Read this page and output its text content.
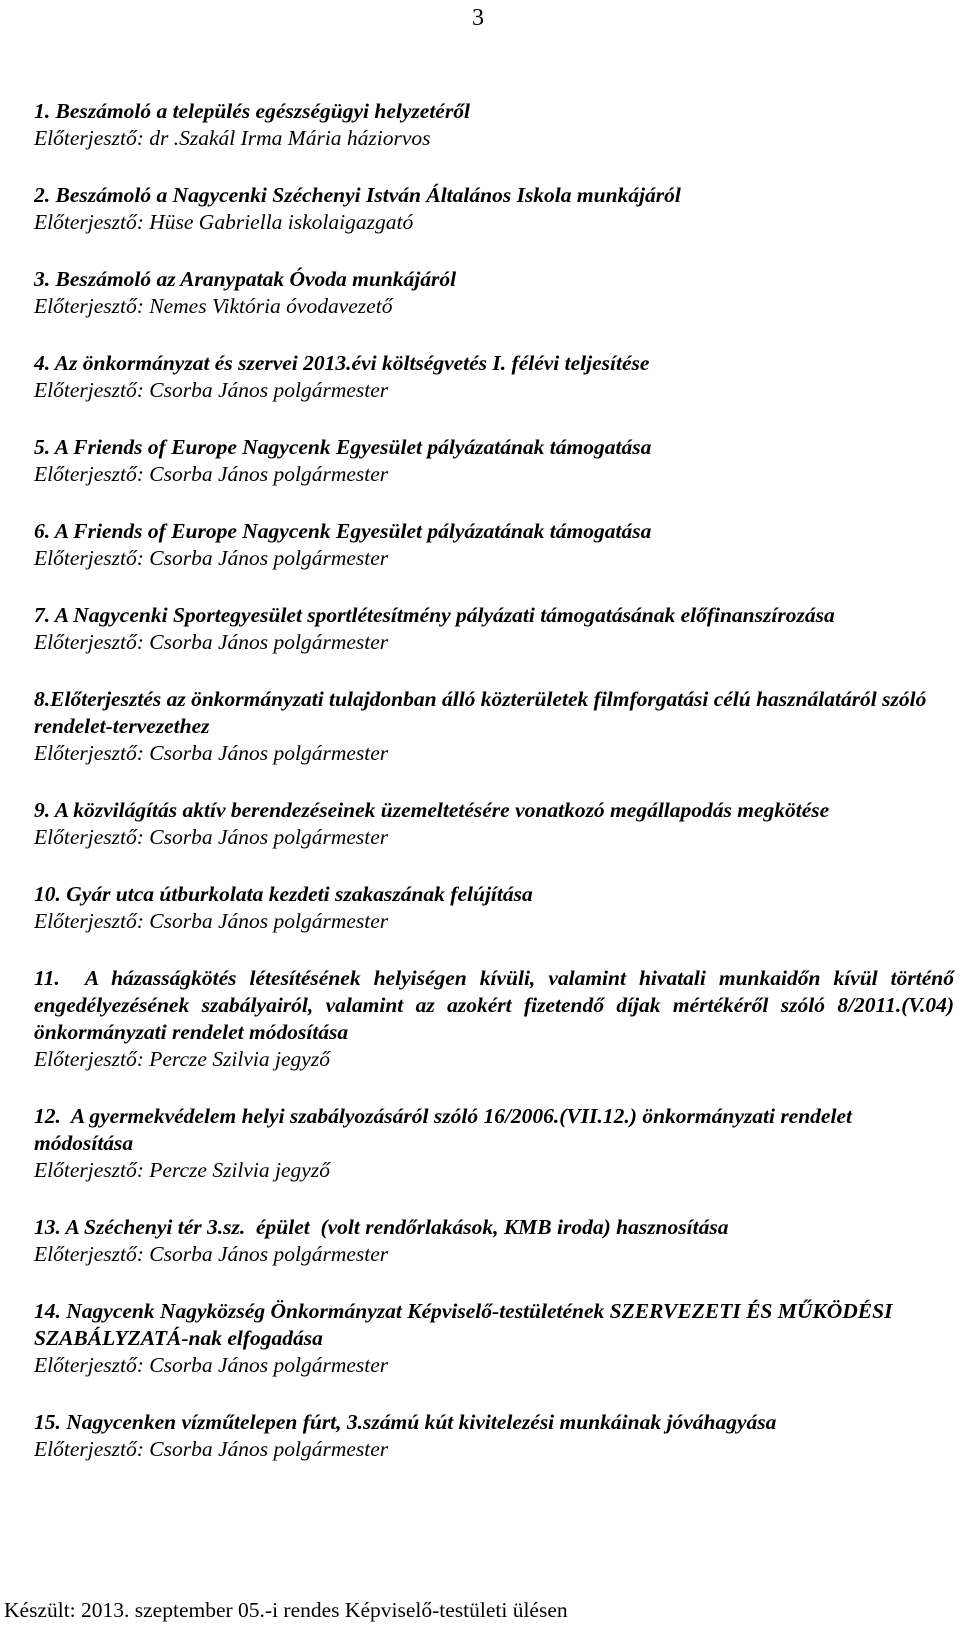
3
1. Beszámoló a település egészségügyi helyzetéről
Előterjesztő: dr .Szakál Irma Mária háziorvos
2. Beszámoló a Nagycenki Széchenyi István Általános Iskola munkájáról
Előterjesztő: Hüse Gabriella iskolaigazgató
3. Beszámoló az Aranypatak Óvoda munkájáról
Előterjesztő: Nemes Viktória óvodavezető
4. Az önkormányzat és szervei 2013.évi költségvetés I. félévi teljesítése
Előterjesztő: Csorba János polgármester
5. A Friends of Europe Nagycenk Egyesület pályázatának támogatása
Előterjesztő: Csorba János polgármester
6. A Friends of Europe Nagycenk Egyesület pályázatának támogatása
Előterjesztő: Csorba János polgármester
7. A Nagycenki Sportegyesület sportlétesítmény pályázati támogatásának előfinanszírozása
Előterjesztő: Csorba János polgármester
8.Előterjesztés az önkormányzati tulajdonban álló közterületek filmforgatási célú használatáról szóló rendelet-tervezethez
Előterjesztő: Csorba János polgármester
9. A közvilágítás aktív berendezéseinek üzemeltetésére vonatkozó megállapodás megkötése
Előterjesztő: Csorba János polgármester
10. Gyár utca útburkolata kezdeti szakaszának felújítása
Előterjesztő: Csorba János polgármester
11.  A házasságkötés létesítésének helyiségen kívüli, valamint hivatali munkaidőn kívül történő engedélyezésének szabályairól, valamint az azokért fizetendő díjak mértékéről szóló 8/2011.(V.04) önkormányzati rendelet módosítása
Előterjesztő: Percze Szilvia jegyző
12.  A gyermekvédelem helyi szabályozásáról szóló 16/2006.(VII.12.) önkormányzati rendelet módosítása
Előterjesztő: Percze Szilvia jegyző
13. A Széchenyi tér 3.sz.  épület  (volt rendőrlakások, KMB iroda) hasznosítása
Előterjesztő: Csorba János polgármester
14. Nagycenk Nagyközség Önkormányzat Képviselő-testületének SZERVEZETI ÉS MŰKÖDÉSI SZABÁLYZATÁ-nak elfogadása
Előterjesztő: Csorba János polgármester
15. Nagycenken vízműtelepen fúrt, 3.számú kút kivitelezési munkáinak jóváhagyása
Előterjesztő: Csorba János polgármester
Készült: 2013. szeptember 05.-i rendes Képviselő-testületi ülésen
